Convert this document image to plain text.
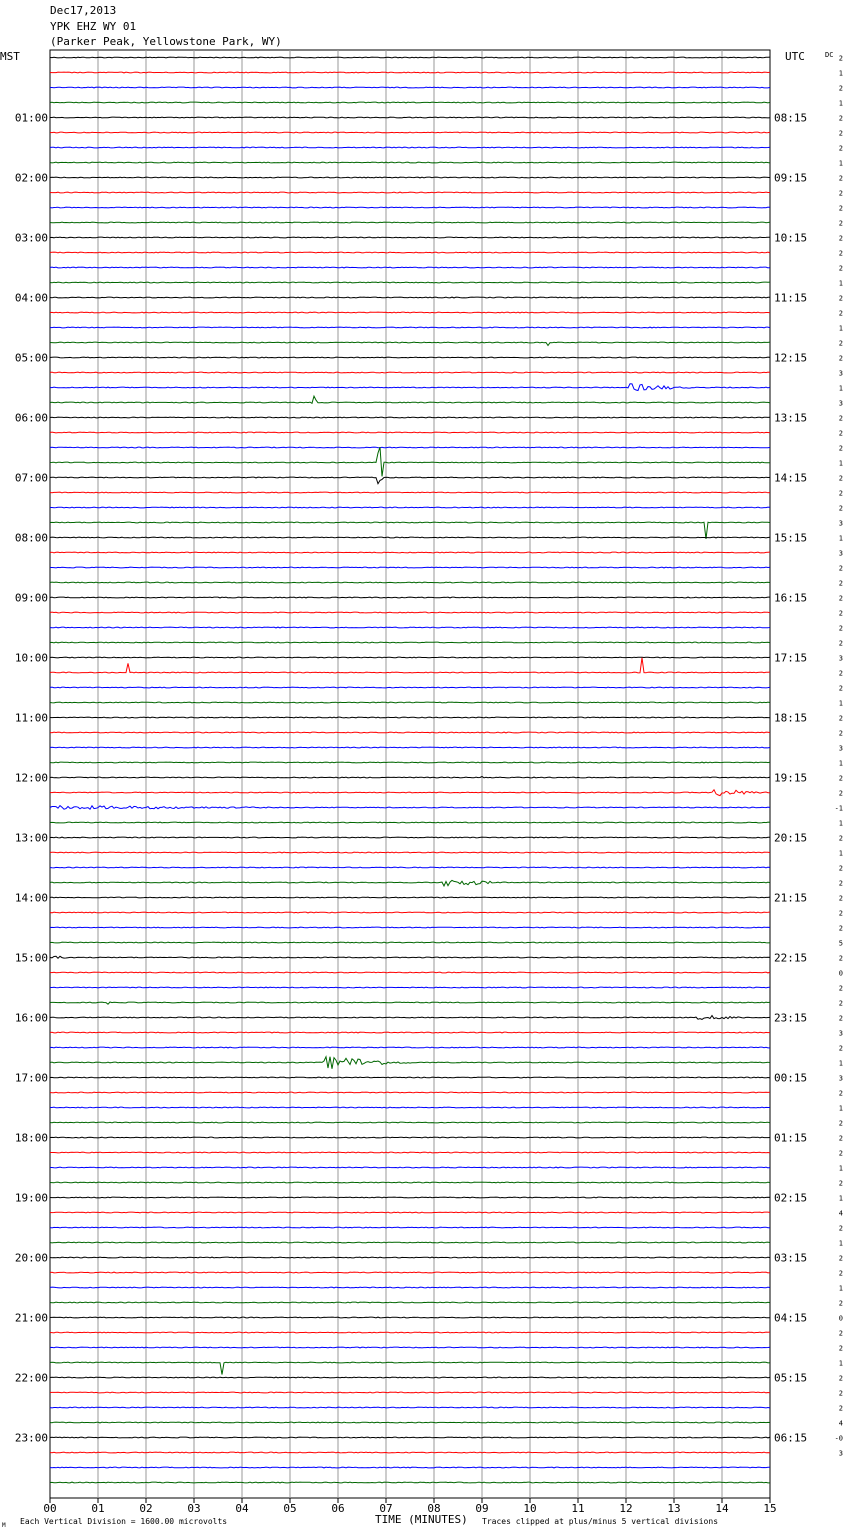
00	01	02	03	04	05	06	07	08	09	10	11	12	13	14	15
2
1
2
1
2
2
2
1
2
2
2
2
2
2
2
1
2
2
1
2
2
3
1
3
2
2
2
1
2
2
2
3
1
3
2
2
2
2
2
2
3
2
2
1
2
2
3
1
2
2
-1
1
2
1
2
2
2
2
2
5
2
0
2
2
2
3
2
1
3
2
1
2
2
2
1
2
1
4
2
1
2
2
1
2
0
2
2
1
2
2
2
4
-0
3
01:00	08:15
02:00	09:15
03:00	10:15
04:00	11:15
05:00	12:15
06:00	13:15
07:00	14:15
08:00	15:15
09:00	16:15
10:00	17:15
11:00	18:15
12:00	19:15
13:00	20:15
14:00	21:15
15:00	22:15
16:00	23:15
17:00	00:15
18:00	01:15
19:00	02:15
20:00	03:15
21:00	04:15
22:00	05:15
23:00	06:15
Dec17,2013
YPK EHZ WY 01
(Parker Peak, Yellowstone Park, WY)
MST	UTC	DC
TIME (MINUTES)
Each Vertical Division = 1600.00 microvolts	Traces clipped at plus/minus 5 vertical divisions
M
